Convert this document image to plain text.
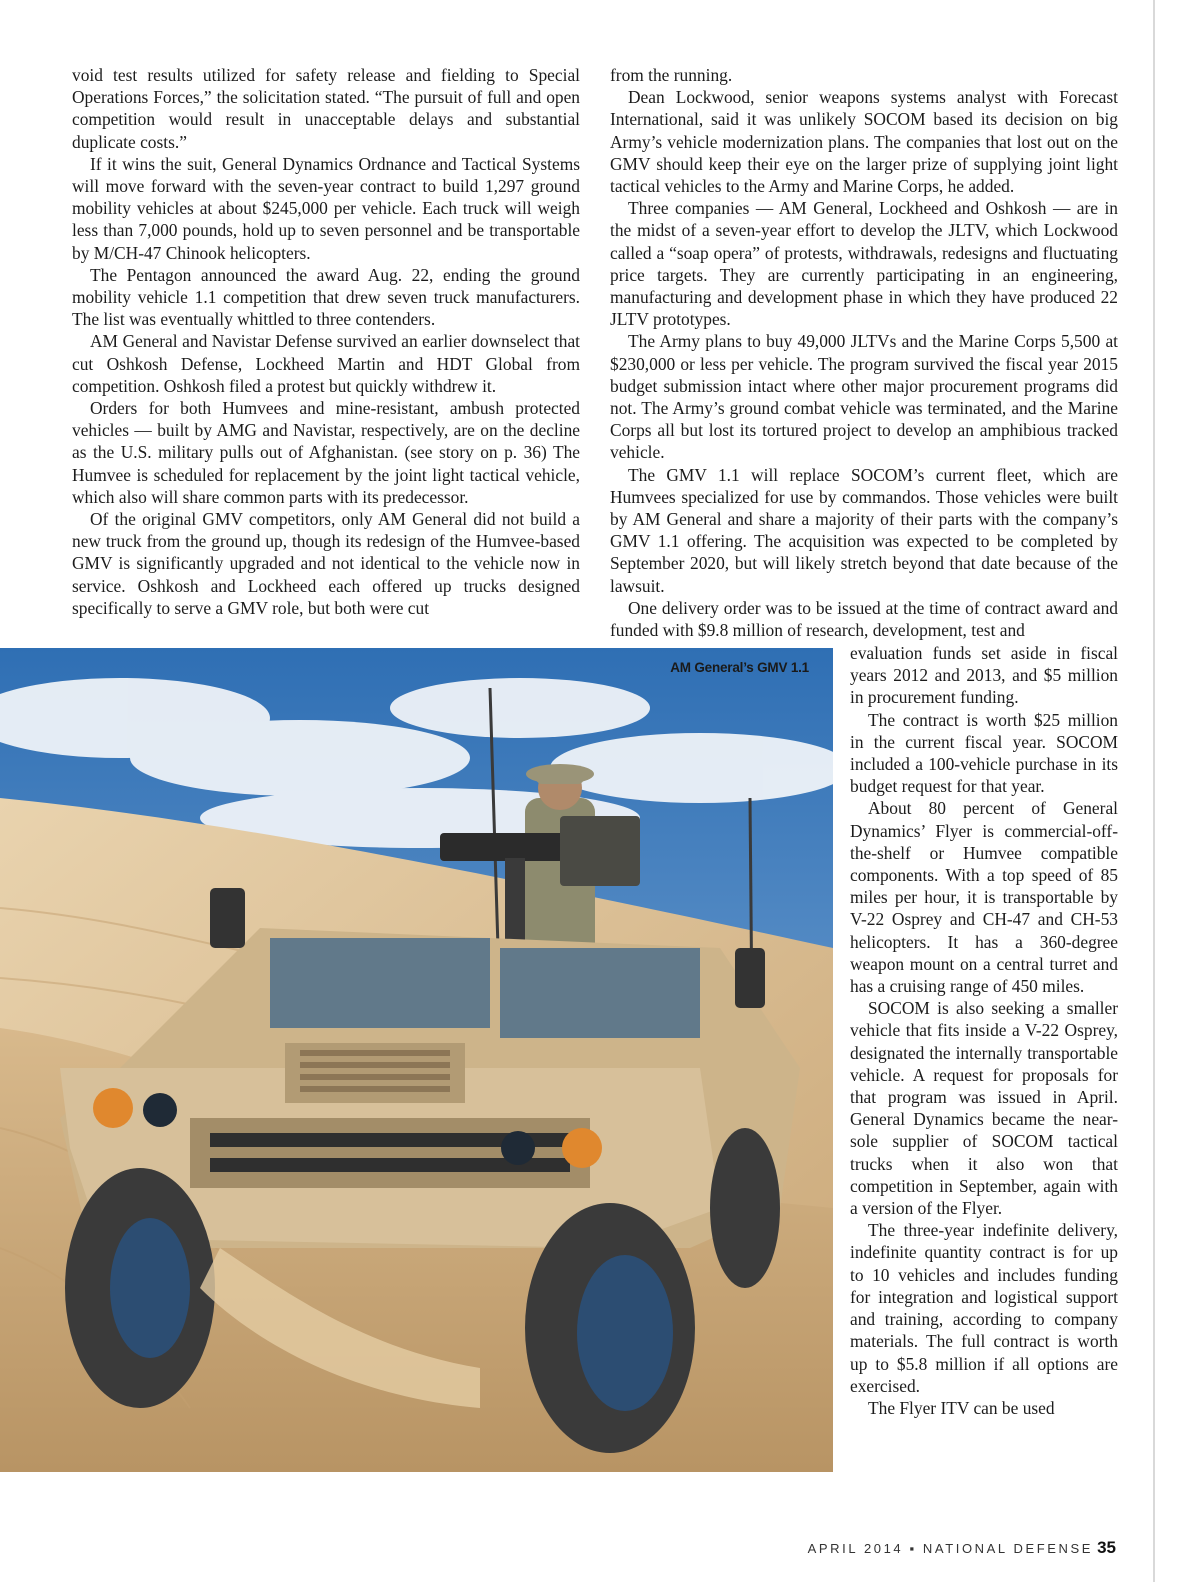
void test results utilized for safety release and fielding to Special Operations Forces,” the solicitation stated. “The pursuit of full and open competition would result in unacceptable delays and substantial duplicate costs.”

If it wins the suit, General Dynamics Ordnance and Tactical Systems will move forward with the seven-year contract to build 1,297 ground mobility vehicles at about $245,000 per vehicle. Each truck will weigh less than 7,000 pounds, hold up to seven personnel and be transportable by M/CH-47 Chinook helicopters.

The Pentagon announced the award Aug. 22, ending the ground mobility vehicle 1.1 competition that drew seven truck manufacturers. The list was eventually whittled to three contenders.

AM General and Navistar Defense survived an earlier downselect that cut Oshkosh Defense, Lockheed Martin and HDT Global from competition. Oshkosh filed a protest but quickly withdrew it.

Orders for both Humvees and mine-resistant, ambush protected vehicles — built by AMG and Navistar, respectively, are on the decline as the U.S. military pulls out of Afghanistan. (see story on p. 36) The Humvee is scheduled for replacement by the joint light tactical vehicle, which also will share common parts with its predecessor.

Of the original GMV competitors, only AM General did not build a new truck from the ground up, though its redesign of the Humvee-based GMV is significantly upgraded and not identical to the vehicle now in service. Oshkosh and Lockheed each offered up trucks designed specifically to serve a GMV role, but both were cut

from the running.

Dean Lockwood, senior weapons systems analyst with Forecast International, said it was unlikely SOCOM based its decision on big Army’s vehicle modernization plans. The companies that lost out on the GMV should keep their eye on the larger prize of supplying joint light tactical vehicles to the Army and Marine Corps, he added.

Three companies — AM General, Lockheed and Oshkosh — are in the midst of a seven-year effort to develop the JLTV, which Lockwood called a “soap opera” of protests, withdrawals, redesigns and fluctuating price targets. They are currently participating in an engineering, manufacturing and development phase in which they have produced 22 JLTV prototypes.

The Army plans to buy 49,000 JLTVs and the Marine Corps 5,500 at $230,000 or less per vehicle. The program survived the fiscal year 2015 budget submission intact where other major procurement programs did not. The Army’s ground combat vehicle was terminated, and the Marine Corps all but lost its tortured project to develop an amphibious tracked vehicle.

The GMV 1.1 will replace SOCOM’s current fleet, which are Humvees specialized for use by commandos. Those vehicles were built by AM General and share a majority of their parts with the company’s GMV 1.1 offering. The acquisition was expected to be completed by September 2020, but will likely stretch beyond that date because of the lawsuit.

One delivery order was to be issued at the time of contract award and funded with $9.8 million of research, development, test and

evaluation funds set aside in fiscal years 2012 and 2013, and $5 million in procurement funding.

The contract is worth $25 million in the current fiscal year. SOCOM included a 100-vehicle purchase in its budget request for that year.

About 80 percent of General Dynamics’ Flyer is commercial-off-the-shelf or Humvee compatible components. With a top speed of 85 miles per hour, it is transportable by V-22 Osprey and CH-47 and CH-53 helicopters. It has a 360-degree weapon mount on a central turret and has a cruising range of 450 miles.

SOCOM is also seeking a smaller vehicle that fits inside a V-22 Osprey, designated the internally transportable vehicle. A request for proposals for that program was issued in April. General Dynamics became the near-sole supplier of SOCOM tactical trucks when it also won that competition in September, again with a version of the Flyer.

The three-year indefinite delivery, indefinite quantity contract is for up to 10 vehicles and includes funding for integration and logistical support and training, according to company materials. The full contract is worth up to $5.8 million if all options are exercised.

The Flyer ITV can be used

AM General’s GMV 1.1
APRIL 2014 ▪ NATIONAL DEFENSE 35
